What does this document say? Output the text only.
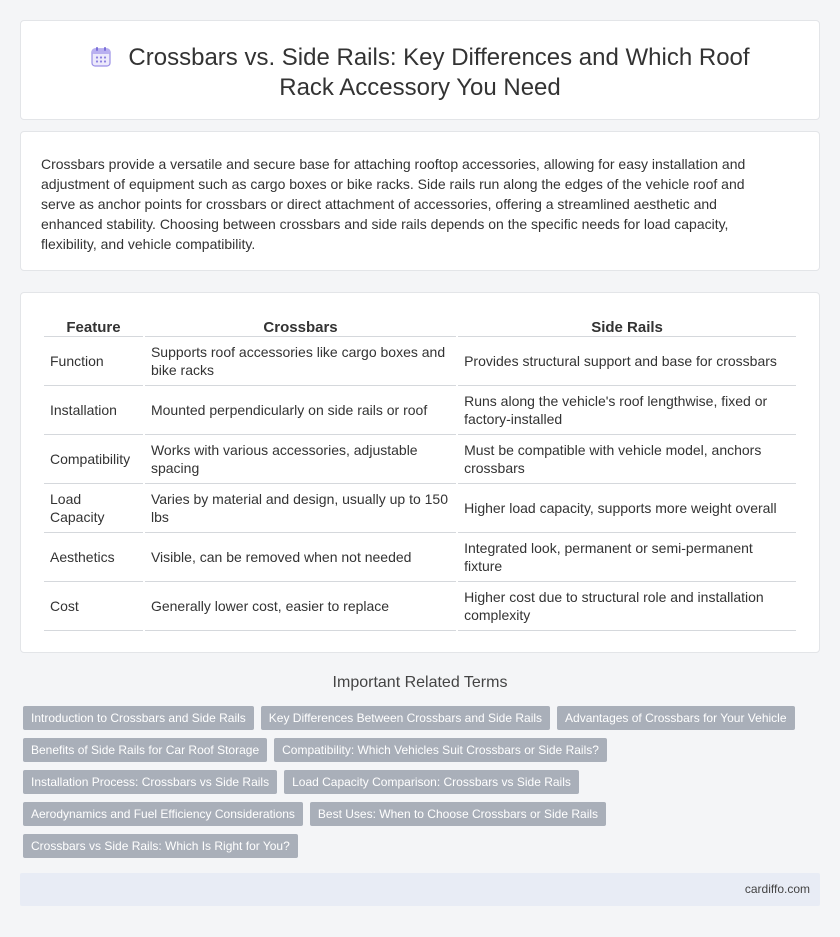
Crossbars vs. Side Rails: Key Differences and Which Roof Rack Accessory You Need

Crossbars provide a versatile and secure base for attaching rooftop accessories, allowing for easy installation and adjustment of equipment such as cargo boxes or bike racks. Side rails run along the edges of the vehicle roof and serve as anchor points for crossbars or direct attachment of accessories, offering a streamlined aesthetic and enhanced stability. Choosing between crossbars and side rails depends on the specific needs for load capacity, flexibility, and vehicle compatibility.

Feature	Crossbars	Side Rails
Function	Supports roof accessories like cargo boxes and bike racks	Provides structural support and base for crossbars
Installation	Mounted perpendicularly on side rails or roof	Runs along the vehicle's roof lengthwise, fixed or factory-installed
Compatibility	Works with various accessories, adjustable spacing	Must be compatible with vehicle model, anchors crossbars
Load Capacity	Varies by material and design, usually up to 150 lbs	Higher load capacity, supports more weight overall
Aesthetics	Visible, can be removed when not needed	Integrated look, permanent or semi-permanent fixture
Cost	Generally lower cost, easier to replace	Higher cost due to structural role and installation complexity
Important Related Terms
Introduction to Crossbars and Side Rails	Key Differences Between Crossbars and Side Rails	Advantages of Crossbars for Your Vehicle
Benefits of Side Rails for Car Roof Storage	Compatibility: Which Vehicles Suit Crossbars or Side Rails?
Installation Process: Crossbars vs Side Rails	Load Capacity Comparison: Crossbars vs Side Rails
Aerodynamics and Fuel Efficiency Considerations	Best Uses: When to Choose Crossbars or Side Rails
Crossbars vs Side Rails: Which Is Right for You?
cardiffo.com
